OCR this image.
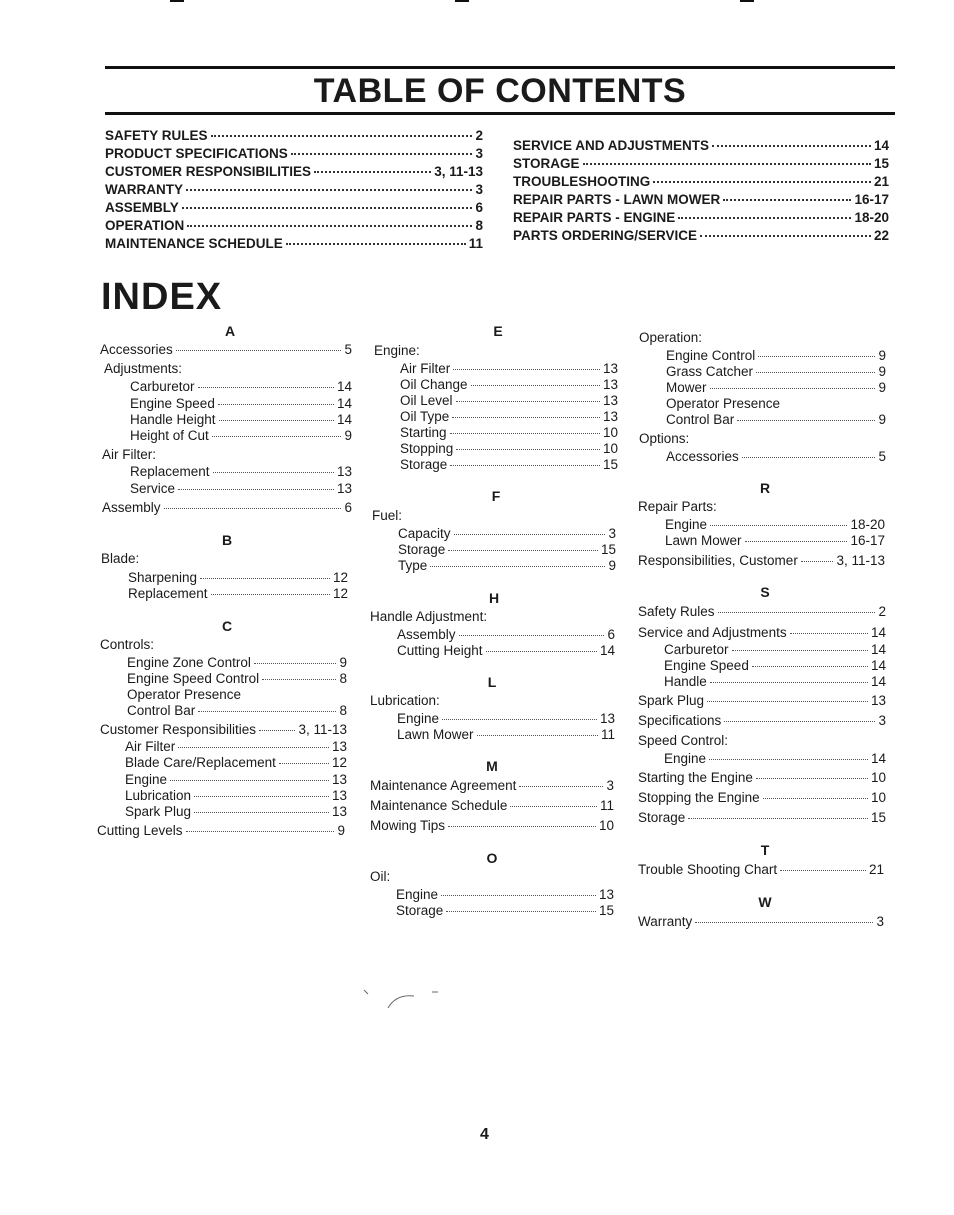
TABLE OF CONTENTS
SAFETY RULES	2
PRODUCT SPECIFICATIONS	3
CUSTOMER RESPONSIBILITIES	3, 11-13
WARRANTY	3
ASSEMBLY	6
OPERATION	8
MAINTENANCE SCHEDULE	11
SERVICE AND ADJUSTMENTS	14
STORAGE	15
TROUBLESHOOTING	21
REPAIR PARTS - LAWN MOWER	16-17
REPAIR PARTS - ENGINE	18-20
PARTS ORDERING/SERVICE	22
INDEX
A
Accessories	5
Adjustments:
Carburetor	14
Engine Speed	14
Handle Height	14
Height of Cut	9
Air Filter:
Replacement	13
Service	13
Assembly	6
B
Blade:
Sharpening	12
Replacement	12
C
Controls:
Engine Zone Control	9
Engine Speed Control	8
Operator Presence
Control Bar	8
Customer Responsibilities	3, 11-13
Air Filter	13
Blade Care/Replacement	12
Engine	13
Lubrication	13
Spark Plug	13
Cutting Levels	9
E
Engine:
Air Filter	13
Oil Change	13
Oil Level	13
Oil Type	13
Starting	10
Stopping	10
Storage	15
F
Fuel:
Capacity	3
Storage	15
Type	9
H
Handle Adjustment:
Assembly	6
Cutting Height	14
L
Lubrication:
Engine	13
Lawn Mower	11
M
Maintenance Agreement	3
Maintenance Schedule	11
Mowing Tips	10
O
Oil:
Engine	13
Storage	15
Operation:
Engine Control	9
Grass Catcher	9
Mower	9
Operator Presence
Control Bar	9
Options:
Accessories	5
R
Repair Parts:
Engine	18-20
Lawn Mower	16-17
Responsibilities, Customer	3, 11-13
S
Safety Rules	2
Service and Adjustments	14
Carburetor	14
Engine Speed	14
Handle	14
Spark Plug	13
Specifications	3
Speed Control:
Engine	14
Starting the Engine	10
Stopping the Engine	10
Storage	15
T
Trouble Shooting Chart	21
W
Warranty	3
4
